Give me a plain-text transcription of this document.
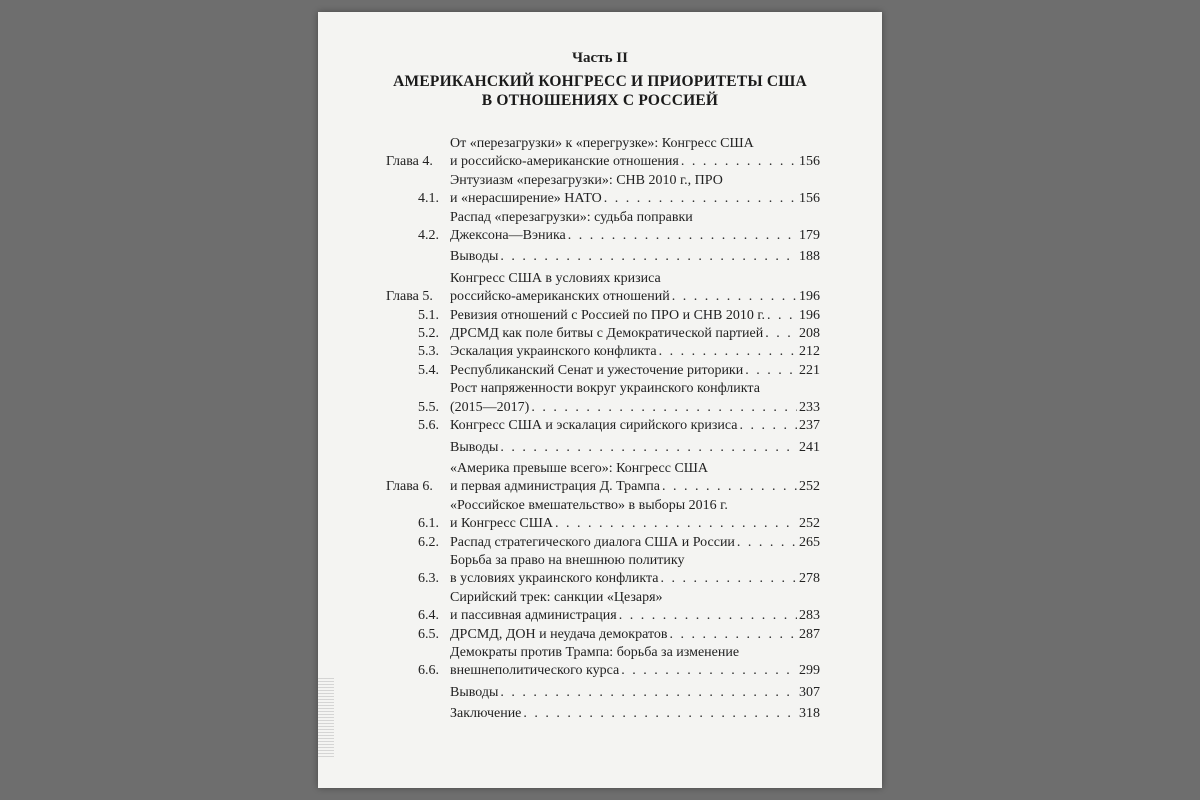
Часть II
АМЕРИКАНСКИЙ КОНГРЕСС И ПРИОРИТЕТЫ США
В ОТНОШЕНИЯХ С РОССИЕЙ
Глава 4.
От «перезагрузки» к «перегрузке»: Конгресс США
и российско-американские отношения . . .	156
4.1.
Энтузиазм «перезагрузки»: СНВ 2010 г., ПРО
и «нерасширение» НАТО . . .	156
4.2.
Распад «перезагрузки»: судьба поправки
Джексона—Вэника . . .	179
Выводы . . .	188
Глава 5.
Конгресс США в условиях кризиса
российско-американских отношений . . .	196
5.1. Ревизия отношений с Россией по ПРО и СНВ 2010 г. . . . 196
5.2. ДРСМД как поле битвы с Демократической партией . . .	208
5.3. Эскалация украинского конфликта . . .	212
5.4. Республиканский Сенат и ужесточение риторики . . .	221
5.5.
Рост напряженности вокруг украинского конфликта
(2015—2017) . . .	233
5.6. Конгресс США и эскалация сирийского кризиса . . .	237
Выводы . . .	241
Глава 6.
«Америка превыше всего»: Конгресс США
и первая администрация Д. Трампа . . .	252
6.1.
«Российское вмешательство» в выборы 2016 г.
и Конгресс США . . .	252
6.2. Распад стратегического диалога США и России . . .	265
6.3.
Борьба за право на внешнюю политику
в условиях украинского конфликта . . .	278
6.4.
Сирийский трек: санкции «Цезаря»
и пассивная администрация . . .	283
6.5. ДРСМД, ДОН и неудача демократов . . .	287
6.6.
Демократы против Трампа: борьба за изменение
внешнеполитического курса . . .	299
Выводы . . .	307
Заключение . . .	318
